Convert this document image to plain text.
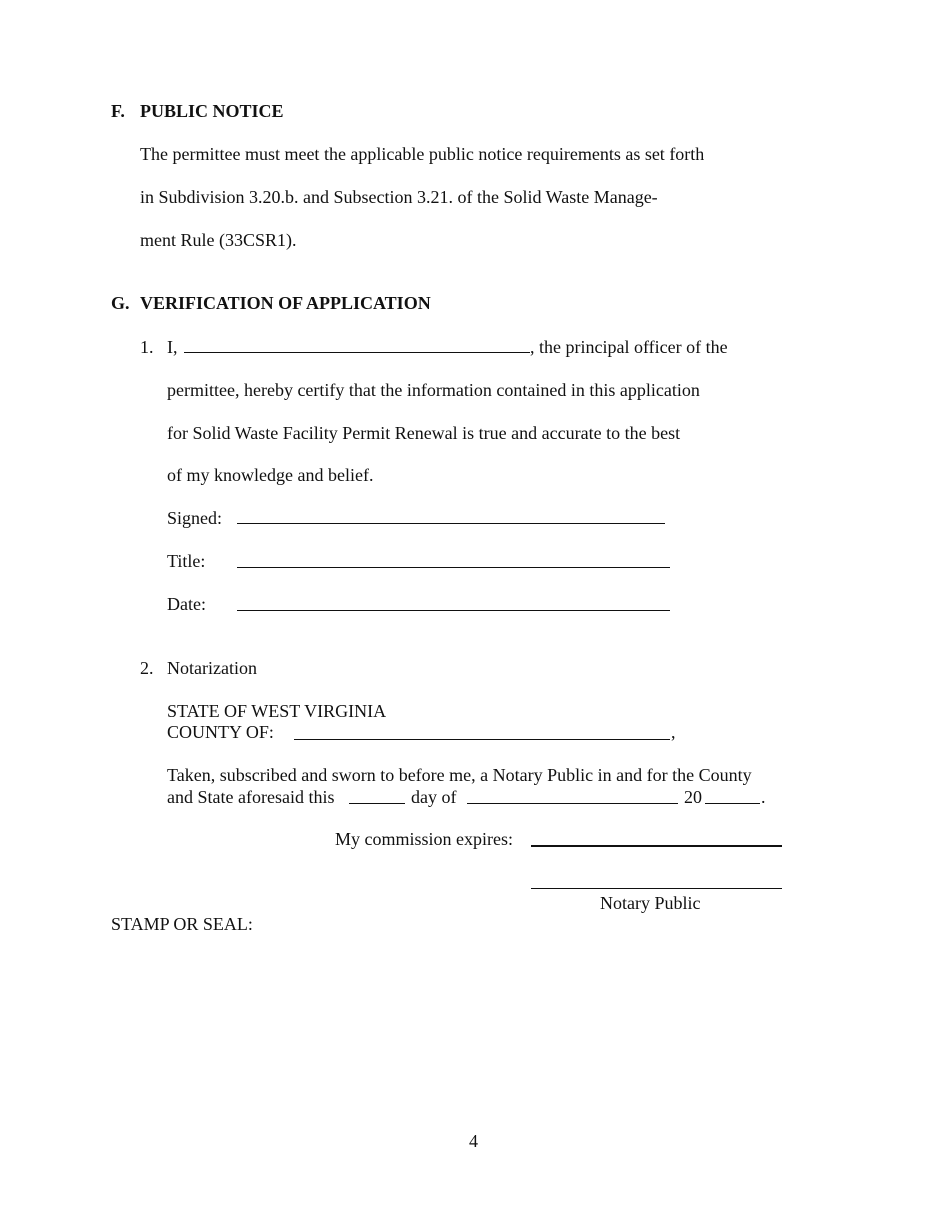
F. PUBLIC NOTICE
The permittee must meet the applicable public notice requirements as set forth
in Subdivision 3.20.b. and Subsection 3.21. of the Solid Waste Manage-
ment Rule (33CSR1).
G. VERIFICATION OF APPLICATION
1. I,	, the principal officer of the
permittee, hereby certify that the information contained in this application
for Solid Waste Facility Permit Renewal is true and accurate to the best
of my knowledge and belief.
Signed:
Title:
Date:
2. Notarization
STATE OF WEST VIRGINIA
COUNTY OF:	,
Taken, subscribed and sworn to before me, a Notary Public in and for the County
and State aforesaid this	day of	20	.
My commission expires:
Notary Public
STAMP OR SEAL:
4
